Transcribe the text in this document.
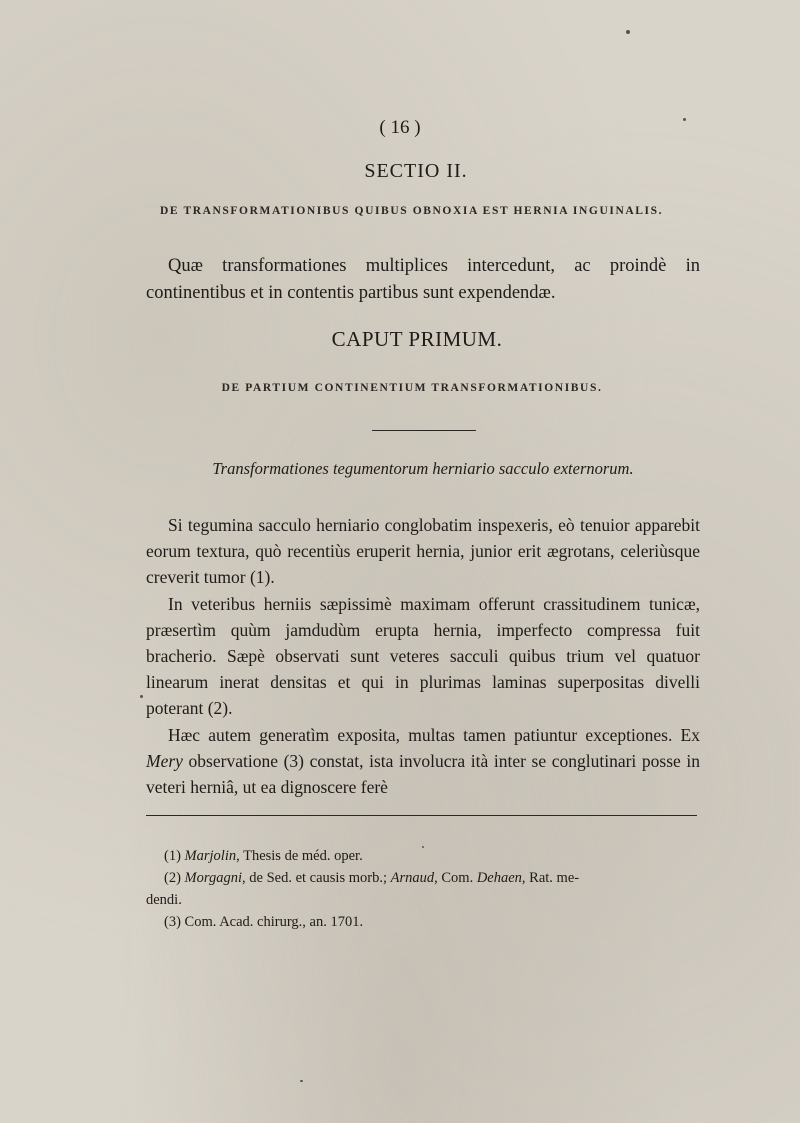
( 16 )
SECTIO II.
DE TRANSFORMATIONIBUS QUIBUS OBNOXIA EST HERNIA INGUINALIS.
Quæ transformationes multiplices intercedunt, ac proindè in continentibus et in contentis partibus sunt expendendæ.
CAPUT PRIMUM.
DE PARTIUM CONTINENTIUM TRANSFORMATIONIBUS.
Transformationes tegumentorum herniario sacculo externorum.

Si tegumina sacculo herniario conglobatim inspexeris, eò tenuior apparebit eorum textura, quò recentiùs eruperit hernia, junior erit ægrotans, celeriùsque creverit tumor (1).

In veteribus herniis sæpissimè maximam offerunt crassitudinem tunicæ, præsertìm quùm jamdudùm erupta hernia, imperfecto compressa fuit bracherio. Sæpè observati sunt veteres sacculi quibus trium vel quatuor linearum inerat densitas et qui in plurimas laminas superpositas divelli poterant (2).

Hæc autem generatìm exposita, multas tamen patiuntur exceptiones. Ex Mery observatione (3) constat, ista involucra ità inter se conglutinari posse in veteri herniâ, ut ea dignoscere ferè

(1) Marjolin, Thesis de méd. oper.

(2) Morgagni, de Sed. et causis morb.; Arnaud, Com. Dehaen, Rat. me-

dendi.

(3) Com. Acad. chirurg., an. 1701.
